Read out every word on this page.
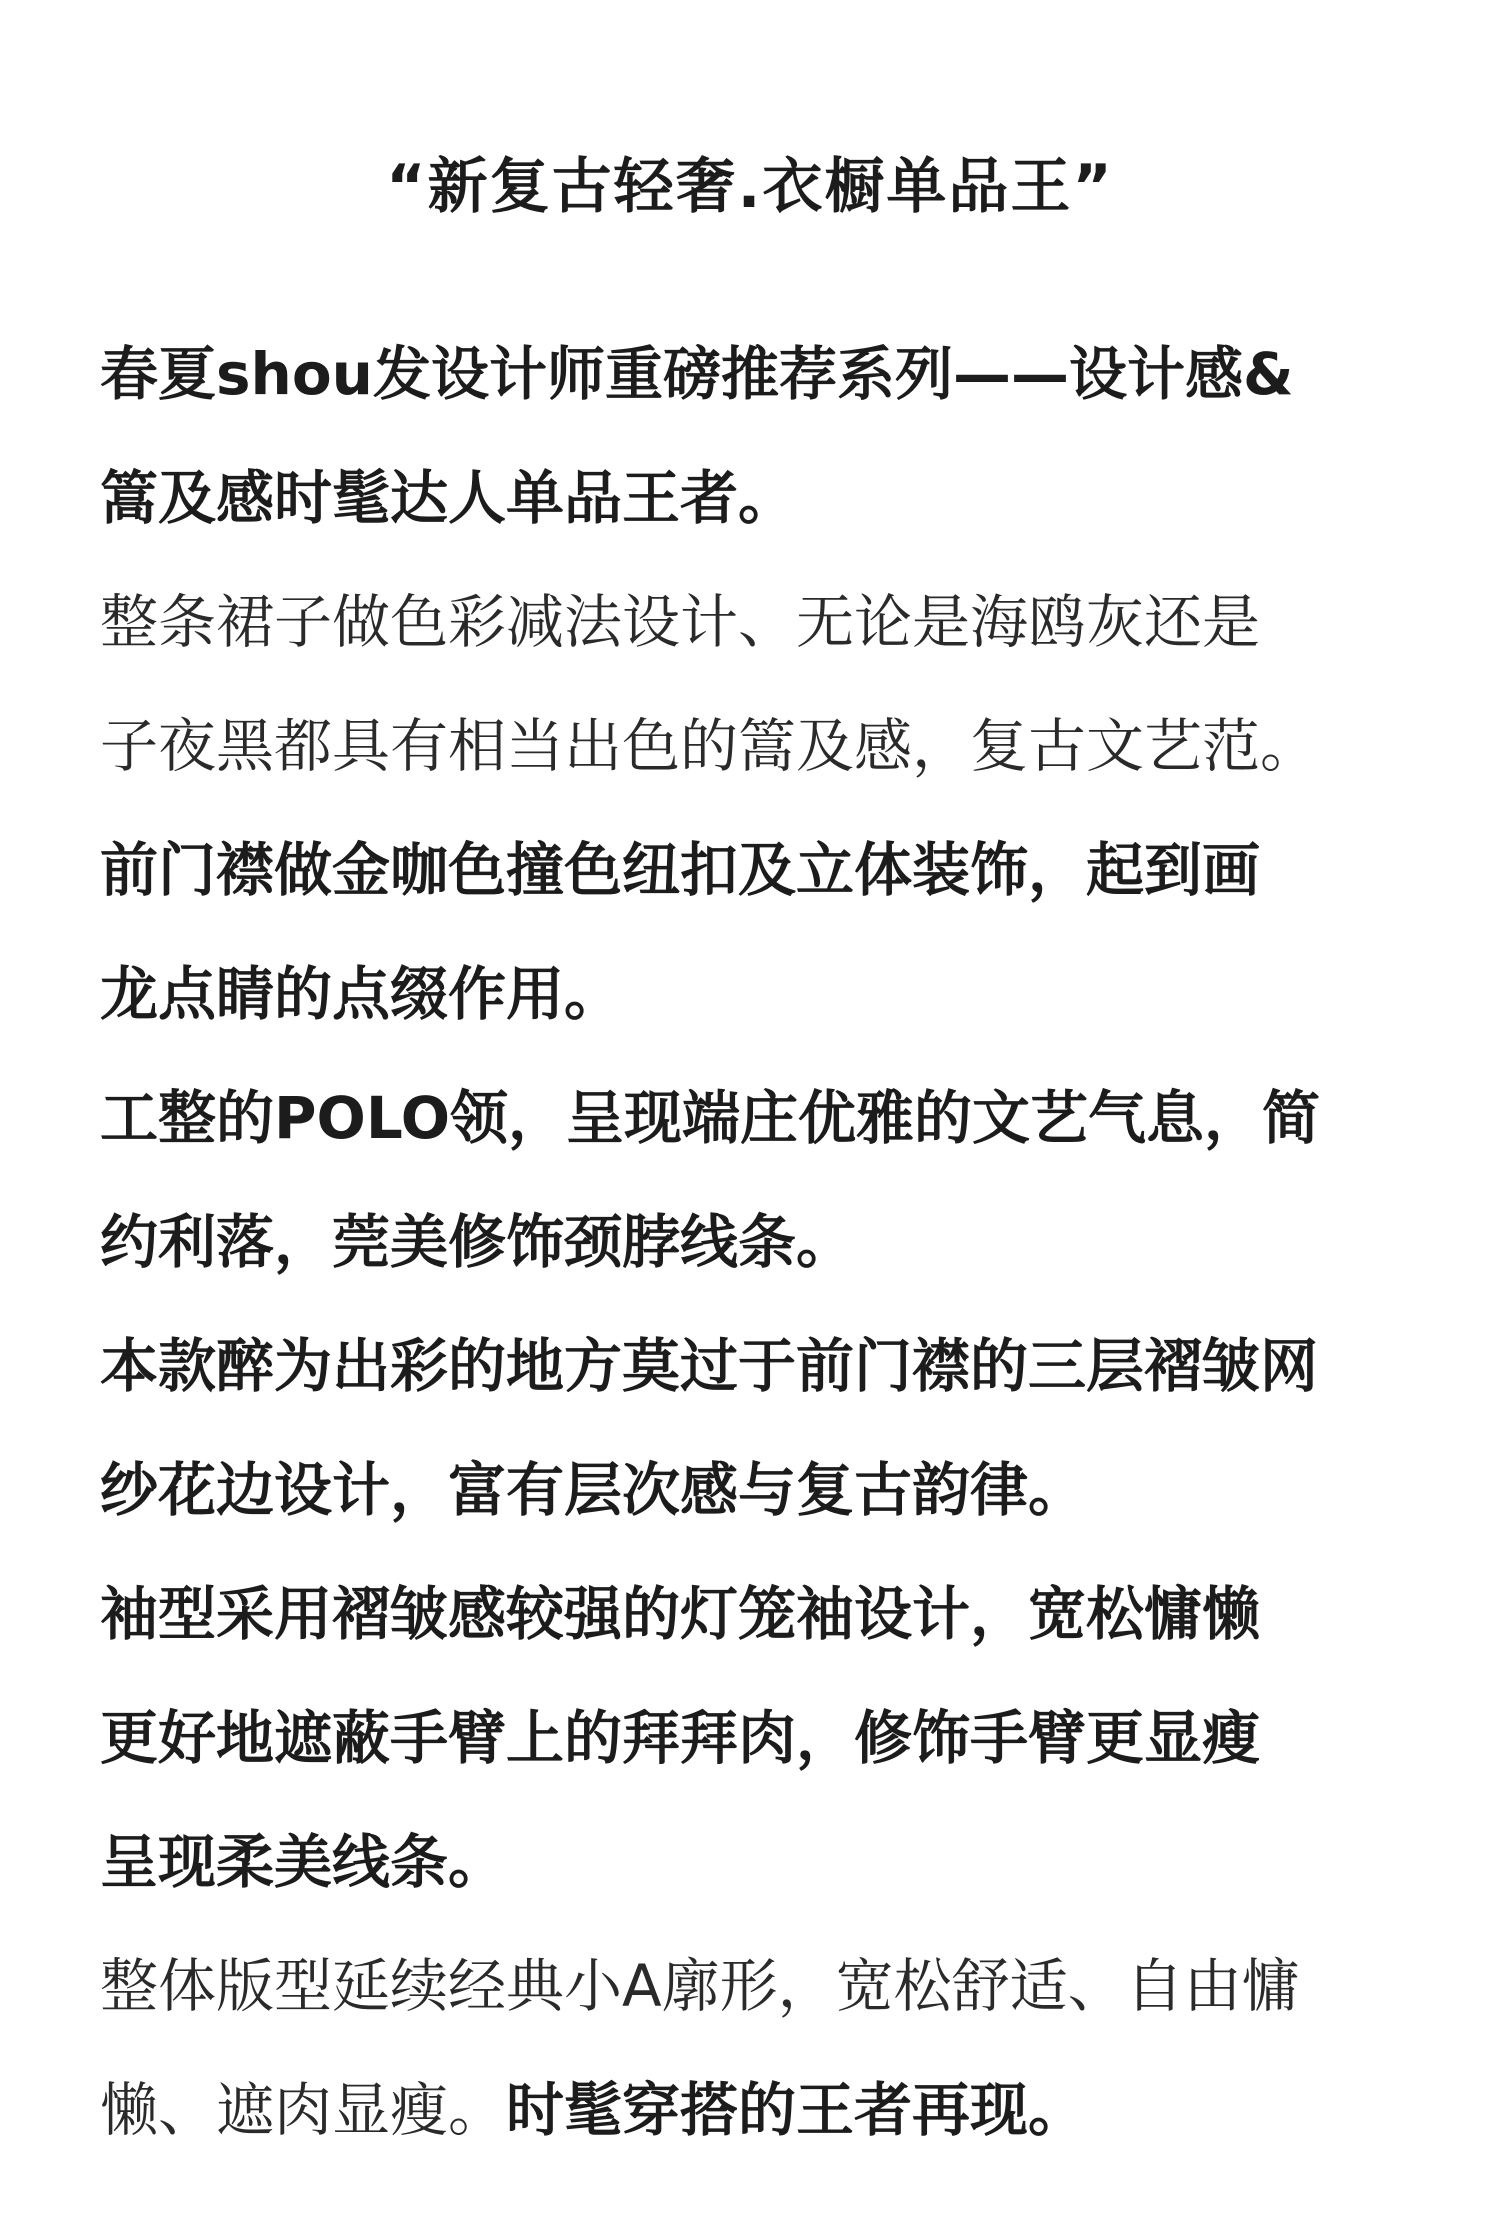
“新复古轻奢.衣橱单品王”
春夏shou发设计师重磅推荐系列——设计感&
篙及感时髦达人单品王者。
整条裙子做色彩减法设计、无论是海鸥灰还是
子夜黑都具有相当出色的篙及感，复古文艺范。
前门襟做金咖色撞色纽扣及立体装饰，起到画
龙点睛的点缀作用。
工整的POLO领，呈现端庄优雅的文艺气息，简
约利落，莞美修饰颈脖线条。
本款醉为出彩的地方莫过于前门襟的三层褶皱网
纱花边设计，富有层次感与复古韵律。
袖型采用褶皱感较强的灯笼袖设计，宽松慵懒
更好地遮蔽手臂上的拜拜肉，修饰手臂更显瘦
呈现柔美线条。
整体版型延续经典小A廓形，宽松舒适、自由慵
懒、遮肉显瘦。时髦穿搭的王者再现。
